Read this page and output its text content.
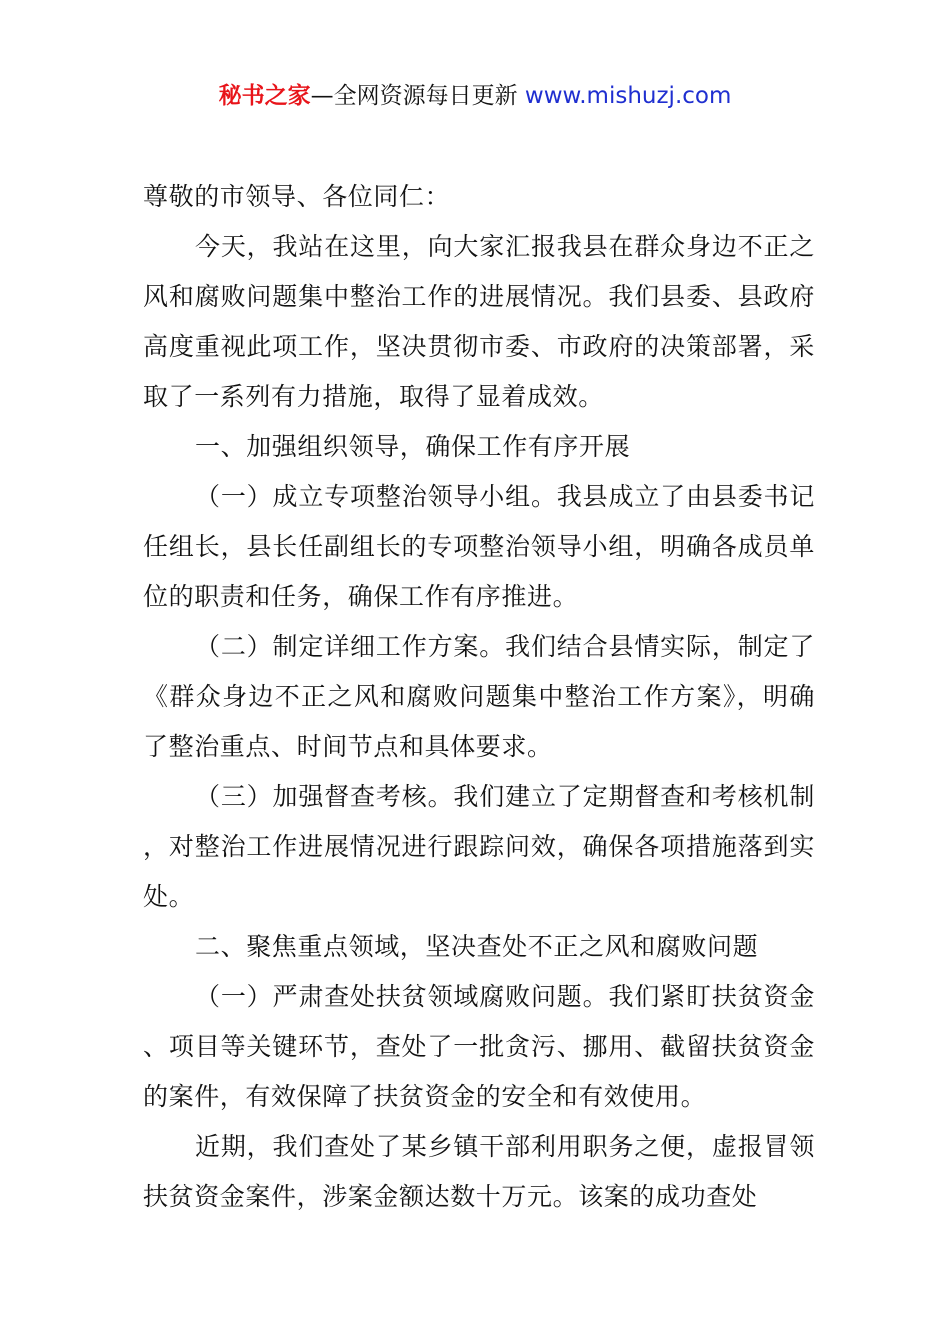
秘书之家—全网资源每日更新 www.mishuzj.com

尊敬的市领导、各位同仁：

今天，我站在这里，向大家汇报我县在群众身边不正之风和腐败问题集中整治工作的进展情况。我们县委、县政府高度重视此项工作，坚决贯彻市委、市政府的决策部署，采取了一系列有力措施，取得了显着成效。

一、加强组织领导，确保工作有序开展

（一）成立专项整治领导小组。我县成立了由县委书记任组长，县长任副组长的专项整治领导小组，明确各成员单位的职责和任务，确保工作有序推进。

（二）制定详细工作方案。我们结合县情实际，制定了《群众身边不正之风和腐败问题集中整治工作方案》，明确了整治重点、时间节点和具体要求。

（三）加强督查考核。我们建立了定期督查和考核机制，对整治工作进展情况进行跟踪问效，确保各项措施落到实处。

二、聚焦重点领域，坚决查处不正之风和腐败问题

（一）严肃查处扶贫领域腐败问题。我们紧盯扶贫资金、项目等关键环节，查处了一批贪污、挪用、截留扶贫资金的案件，有效保障了扶贫资金的安全和有效使用。

近期，我们查处了某乡镇干部利用职务之便，虚报冒领扶贫资金案件，涉案金额达数十万元。该案的成功查处
